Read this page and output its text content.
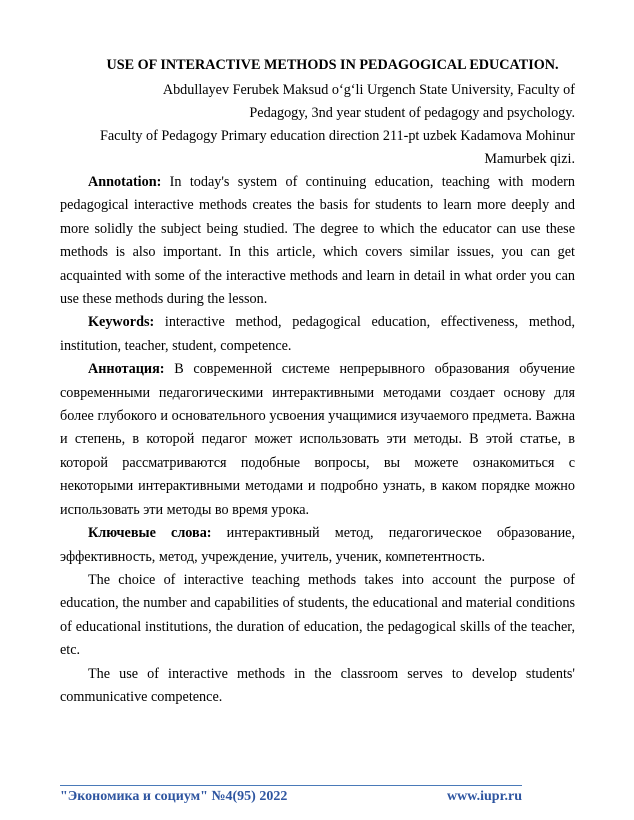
USE OF INTERACTIVE METHODS IN PEDAGOGICAL EDUCATION.

Abdullayev Ferubek Maksud o‘g‘li Urgench State University, Faculty of

Pedagogy, 3nd year student of pedagogy and psychology.

Faculty of Pedagogy Primary education direction 211-pt uzbek Kadamova Mohinur

Mamurbek qizi.

Annotation: In today's system of continuing education, teaching with modern pedagogical interactive methods creates the basis for students to learn more deeply and more solidly the subject being studied. The degree to which the educator can use these methods is also important. In this article, which covers similar issues, you can get acquainted with some of the interactive methods and learn in detail in what order you can use these methods during the lesson.

Keywords: interactive method, pedagogical education, effectiveness, method, institution, teacher, student, competence.

Аннотация: В современной системе непрерывного образования обучение современными педагогическими интерактивными методами создает основу для более глубокого и основательного усвоения учащимися изучаемого предмета. Важна и степень, в которой педагог может использовать эти методы. В этой статье, в которой рассматриваются подобные вопросы, вы можете ознакомиться с некоторыми интерактивными методами и подробно узнать, в каком порядке можно использовать эти методы во время урока.

Ключевые слова: интерактивный метод, педагогическое образование, эффективность, метод, учреждение, учитель, ученик, компетентность.

The choice of interactive teaching methods takes into account the purpose of education, the number and capabilities of students, the educational and material conditions of educational institutions, the duration of education, the pedagogical skills of the teacher, etc.

The use of interactive methods in the classroom serves to develop students' communicative competence.

"Экономика и социум" №4(95) 2022	www.iupr.ru
